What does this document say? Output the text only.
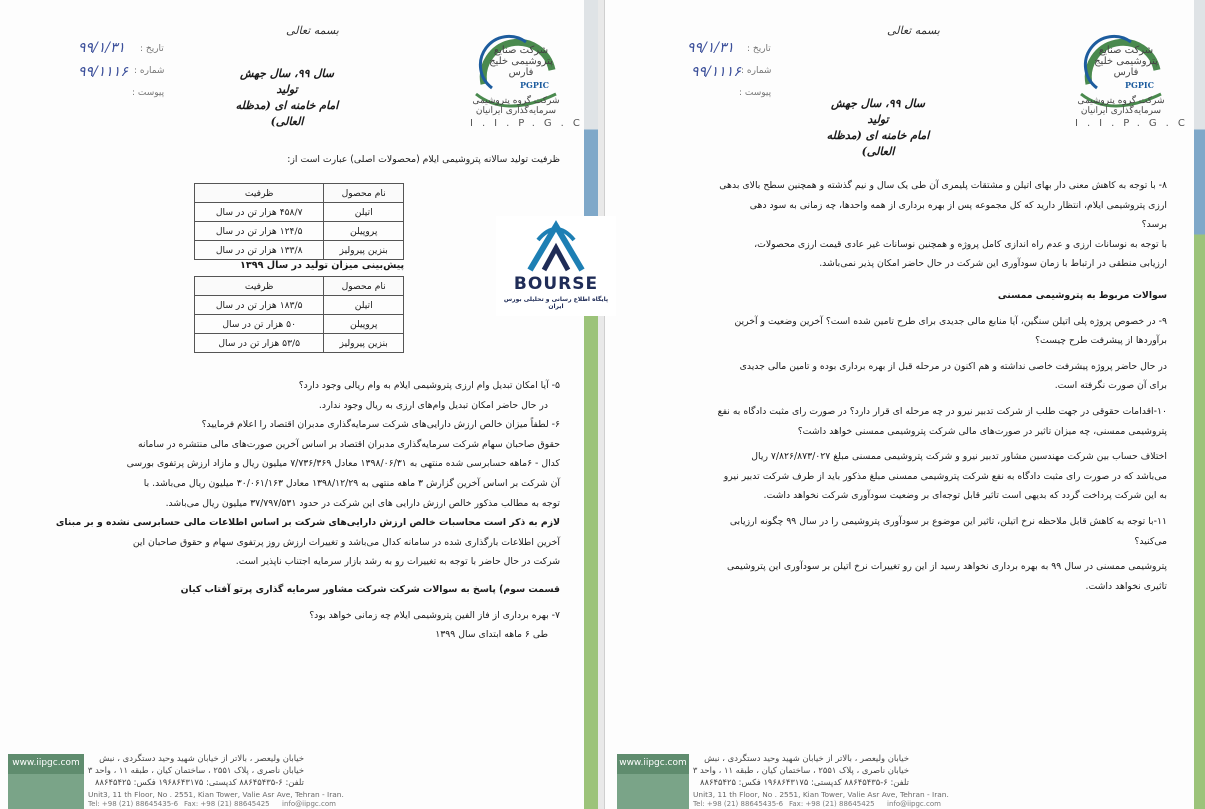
شرکت صنایع پتروشیمی خلیج فارس
PGPIC
شرکت گروه پتروشیمی سرمایه‌گذاری ایرانیان
I.I.P.G.C
بسمه تعالی
سال ۹۹، سال جهش تولید
امام خامنه ای (مدظله العالی)
تاریخ :
شماره :
پیوست :
۹۹/۱/۳۱
۹۹/۱۱۱۶
ظرفیت تولید سالانه پتروشیمی ایلام (محصولات اصلی) عبارت است از:
نام محصول	ظرفیت
اتیلن	۴۵۸/۷ هزار تن در سال
پروپیلن	۱۲۴/۵ هزار تن در سال
بنزین پیرولیز	۱۳۳/۸ هزار تن در سال
پیش‌بینی میزان تولید در سال ۱۳۹۹
نام محصول	ظرفیت
اتیلن	۱۸۳/۵ هزار تن در سال
پروپیلن	۵۰ هزار تن در سال
بنزین پیرولیز	۵۳/۵ هزار تن در سال

۵- آیا امکان تبدیل وام ارزی پتروشیمی ایلام به وام ریالی وجود دارد؟

در حال حاضر امکان تبدیل وام‌های ارزی به ریال وجود ندارد.

۶- لطفاً میزان خالص ارزش دارایی‌های شرکت سرمایه‌گذاری مدبران اقتصاد را اعلام فرمایید؟

حقوق صاحبان سهام شرکت سرمایه‌گذاری مدبران اقتصاد بر اساس آخرین صورت‌های مالی منتشره در سامانه

کدال - ۶ماهه حسابرسی شده منتهی به ۱۳۹۸/۰۶/۳۱ معادل ۷/۷۳۶/۳۶۹ میلیون ریال و مازاد ارزش پرتفوی بورسی

آن شرکت بر اساس آخرین گزارش ۳ ماهه منتهی به ۱۳۹۸/۱۲/۲۹ معادل ۳۰/۰۶۱/۱۶۳ میلیون ریال می‌باشد. با

توجه به مطالب مذکور خالص ارزش دارایی های این شرکت در حدود ۳۷/۷۹۷/۵۳۱ میلیون ریال می‌باشد.

لازم به ذکر است محاسبات خالص ارزش دارایی‌های شرکت بر اساس اطلاعات مالی حسابرسی نشده و بر مبنای

آخرین اطلاعات بارگذاری شده در سامانه کدال می‌باشد و تغییرات ارزش روز پرتفوی سهام و حقوق صاحبان این

شرکت در حال حاضر با توجه به تغییرات رو به رشد بازار سرمایه اجتناب ناپذیر است.

قسمت سوم) پاسخ به سوالات شرکت شرکت مشاور سرمایه گذاری پرتو آفتاب کیان

۷- بهره برداری از فاز الفین پتروشیمی ایلام چه زمانی خواهد بود؟

طی ۶ ماهه ابتدای سال ۱۳۹۹

www.iipgc.com	خیابان ولیعصر ، بالاتر از خیابان شهید وحید دستگردی ، نبش
خیابان ناصری ، پلاک ۲۵۵۱ ، ساختمان کیان ، طبقه ۱۱ ، واحد ۳
تلفن: ۶-۸۸۶۴۵۴۳۵ کدپستی: ۱۹۶۸۶۴۳۱۷۵ فکس: ۸۸۶۴۵۴۲۵
Unit3, 11 th Floor, No . 2551, Kian Tower, Valie Asr Ave, Tehran - Iran.
Tel: +98 (21) 88645435-6 Fax: +98 (21) 88645425 info@iipgc.com
شرکت صنایع پتروشیمی خلیج فارس
PGPIC
شرکت گروه پتروشیمی سرمایه‌گذاری ایرانیان
I.I.P.G.C
بسمه تعالی
سال ۹۹، سال جهش تولید
امام خامنه ای (مدظله العالی)
تاریخ :
شماره :
پیوست :
۹۹/۱/۳۱
۹۹/۱۱۱۶

۸- با توجه به کاهش معنی دار بهای اتیلن و مشتقات پلیمری آن طی یک سال و نیم گذشته و همچنین سطح بالای بدهی

ارزی پتروشیمی ایلام، انتظار دارید که کل مجموعه پس از بهره برداری از همه واحدها، چه زمانی به سود دهی

برسد؟

با توجه به نوسانات ارزی و عدم راه اندازی کامل پروژه و همچنین نوسانات غیر عادی قیمت ارزی محصولات،

ارزیابی منطقی در ارتباط با زمان سودآوری این شرکت در حال حاضر امکان پذیر نمی‌باشد.

سوالات مربوط به پتروشیمی ممسنی

۹- در خصوص پروژه پلی اتیلن سنگین، آیا منابع مالی جدیدی برای طرح تامین شده است؟ آخرین وضعیت و آخرین

برآوردها از پیشرفت طرح چیست؟

در حال حاضر پروژه پیشرفت خاصی نداشته و هم اکنون در مرحله قبل از بهره برداری بوده و تامین مالی جدیدی

برای آن صورت نگرفته است.

۱۰-اقدامات حقوقی در جهت طلب از شرکت تدبیر نیرو در چه مرحله ای قرار دارد؟ در صورت رای مثبت دادگاه به نفع

پتروشیمی ممسنی، چه میزان تاثیر در صورت‌های مالی شرکت پتروشیمی ممسنی خواهد داشت؟

اختلاف حساب بین شرکت مهندسین مشاور تدبیر نیرو و شرکت پتروشیمی ممسنی مبلغ ۷/۸۲۶/۸۷۳/۰۲۷ ریال

می‌باشد که در صورت رای مثبت دادگاه به نفع شرکت پتروشیمی ممسنی مبلغ مذکور باید از طرف شرکت تدبیر نیرو

به این شرکت پرداخت گردد که بدیهی است تاثیر قابل توجه‌ای بر وضعیت سودآوری شرکت نخواهد داشت.

۱۱-با توجه به کاهش قابل ملاحظه نرخ اتیلن، تاثیر این موضوع بر سودآوری پتروشیمی را در سال ۹۹ چگونه ارزیابی

می‌کنید؟

پتروشیمی ممسنی در سال ۹۹ به بهره برداری نخواهد رسید از این رو تغییرات نرخ اتیلن بر سودآوری این پتروشیمی

تاثیری نخواهد داشت.

www.iipgc.com	خیابان ولیعصر ، بالاتر از خیابان شهید وحید دستگردی ، نبش
خیابان ناصری ، پلاک ۲۵۵۱ ، ساختمان کیان ، طبقه ۱۱ ، واحد ۳
تلفن: ۶-۸۸۶۴۵۴۳۵ کدپستی: ۱۹۶۸۶۴۳۱۷۵ فکس: ۸۸۶۴۵۴۲۵
Unit3, 11 th Floor, No . 2551, Kian Tower, Valie Asr Ave, Tehran - Iran.
Tel: +98 (21) 88645435-6 Fax: +98 (21) 88645425 info@iipgc.com
BOURSE
پایگاه اطلاع رسانی و تحلیلی بورس ایران
